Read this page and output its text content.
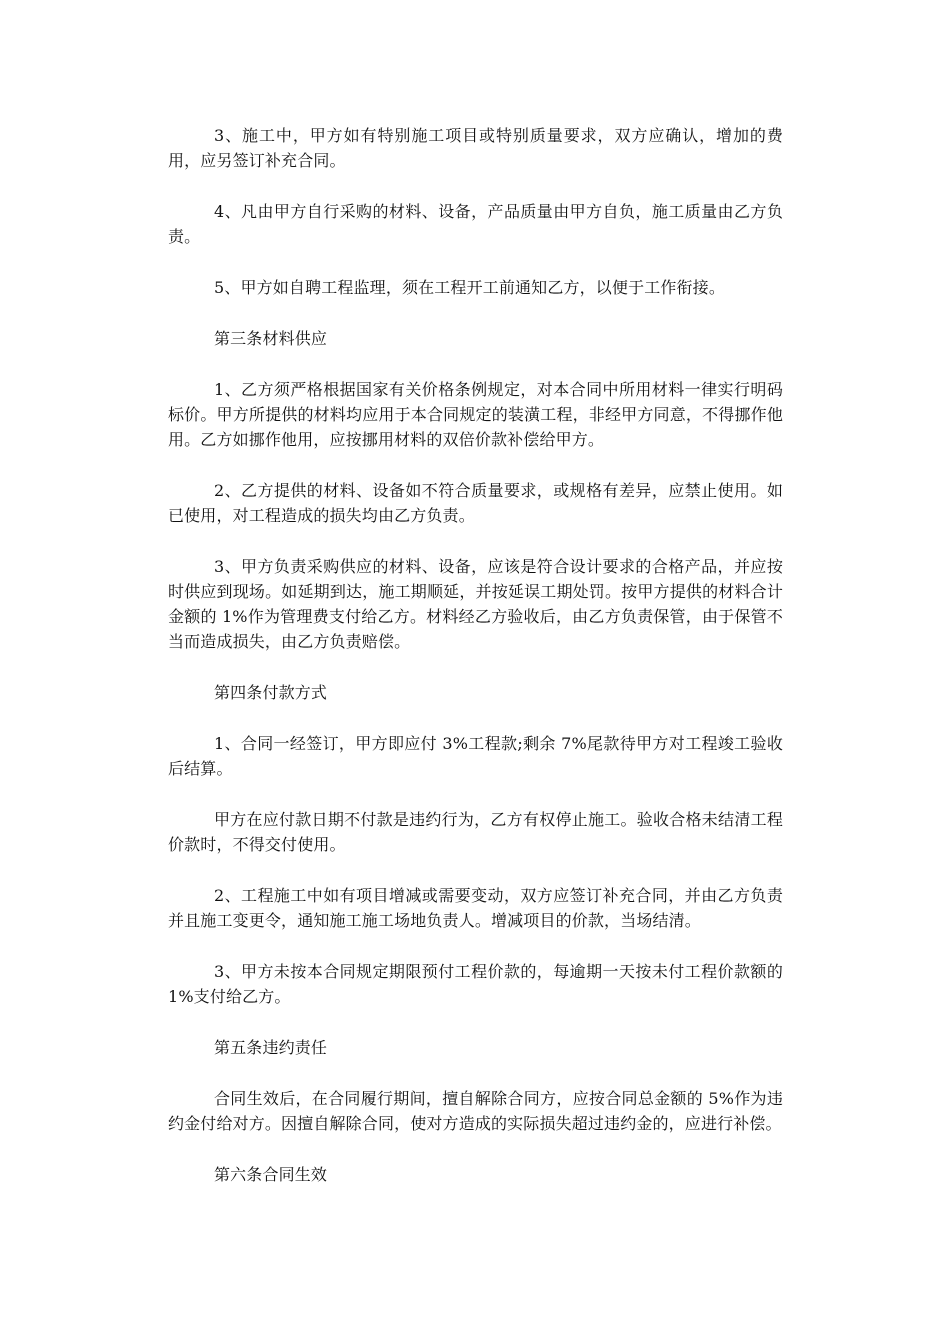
3、施工中，甲方如有特别施工项目或特别质量要求，双方应确认，增加的费用，应另签订补充合同。

4、凡由甲方自行采购的材料、设备，产品质量由甲方自负，施工质量由乙方负责。

5、甲方如自聘工程监理，须在工程开工前通知乙方，以便于工作衔接。

第三条材料供应

1、乙方须严格根据国家有关价格条例规定，对本合同中所用材料一律实行明码标价。甲方所提供的材料均应用于本合同规定的装潢工程，非经甲方同意，不得挪作他用。乙方如挪作他用，应按挪用材料的双倍价款补偿给甲方。

2、乙方提供的材料、设备如不符合质量要求，或规格有差异，应禁止使用。如已使用，对工程造成的损失均由乙方负责。

3、甲方负责采购供应的材料、设备，应该是符合设计要求的合格产品，并应按时供应到现场。如延期到达，施工期顺延，并按延误工期处罚。按甲方提供的材料合计金额的 1%作为管理费支付给乙方。材料经乙方验收后，由乙方负责保管，由于保管不当而造成损失，由乙方负责赔偿。

第四条付款方式

1、合同一经签订，甲方即应付 3%工程款;剩余 7%尾款待甲方对工程竣工验收后结算。

甲方在应付款日期不付款是违约行为，乙方有权停止施工。验收合格未结清工程价款时，不得交付使用。

2、工程施工中如有项目增减或需要变动，双方应签订补充合同，并由乙方负责并且施工变更令，通知施工施工场地负责人。增减项目的价款，当场结清。

3、甲方未按本合同规定期限预付工程价款的，每逾期一天按未付工程价款额的 1%支付给乙方。

第五条违约责任

合同生效后，在合同履行期间，擅自解除合同方，应按合同总金额的 5%作为违约金付给对方。因擅自解除合同，使对方造成的实际损失超过违约金的，应进行补偿。

第六条合同生效
